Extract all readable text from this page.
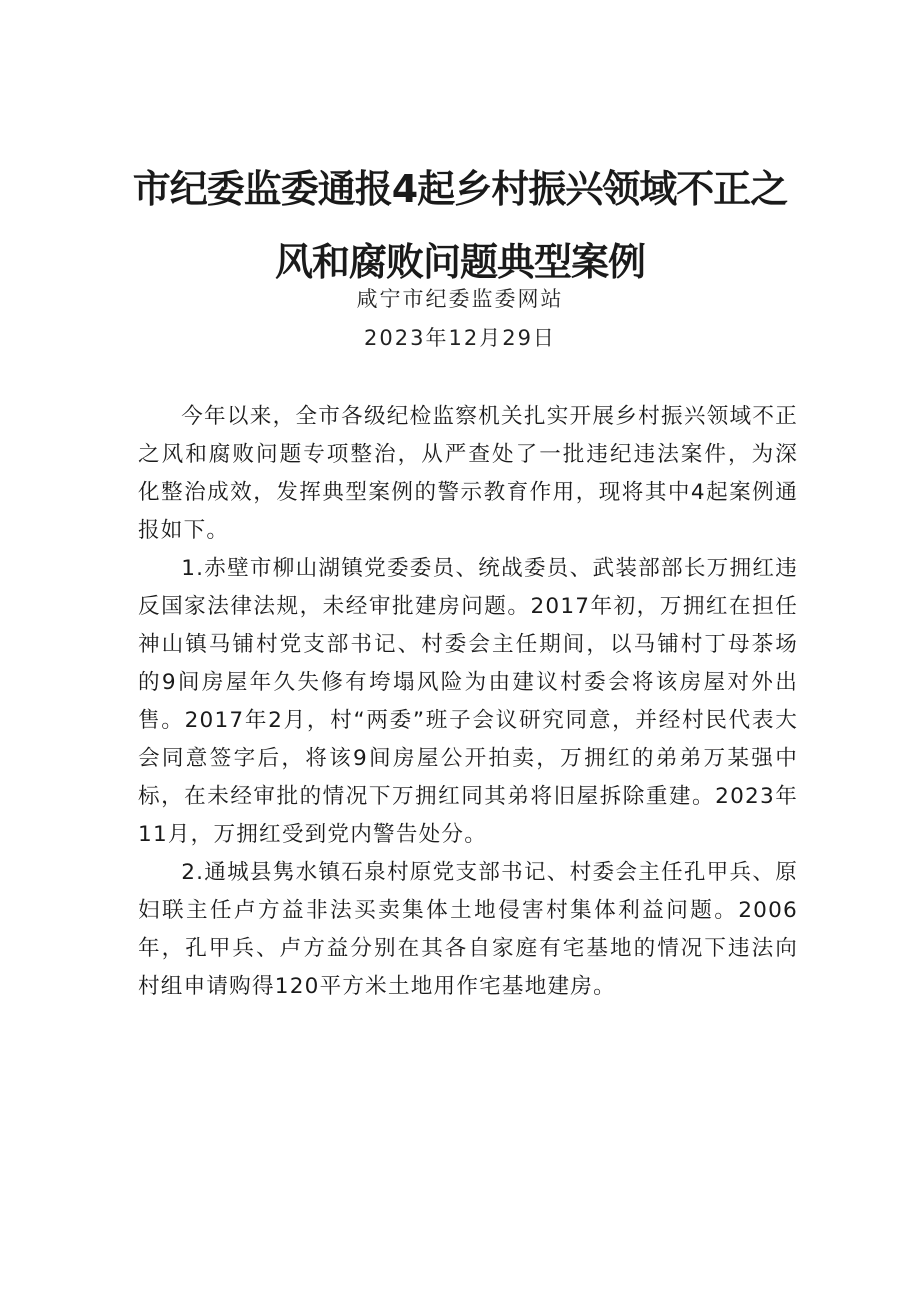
市纪委监委通报4起乡村振兴领域不正之
风和腐败问题典型案例
咸宁市纪委监委网站
2023年12月29日

今年以来，全市各级纪检监察机关扎实开展乡村振兴领域不正之风和腐败问题专项整治，从严查处了一批违纪违法案件，为深化整治成效，发挥典型案例的警示教育作用，现将其中4起案例通报如下。

1.赤壁市柳山湖镇党委委员、统战委员、武装部部长万拥红违反国家法律法规，未经审批建房问题。2017年初，万拥红在担任神山镇马铺村党支部书记、村委会主任期间，以马铺村丁母茶场的9间房屋年久失修有垮塌风险为由建议村委会将该房屋对外出售。2017年2月，村“两委”班子会议研究同意，并经村民代表大会同意签字后，将该9间房屋公开拍卖，万拥红的弟弟万某强中标，在未经审批的情况下万拥红同其弟将旧屋拆除重建。2023年11月，万拥红受到党内警告处分。

2.通城县隽水镇石泉村原党支部书记、村委会主任孔甲兵、原妇联主任卢方益非法买卖集体土地侵害村集体利益问题。2006年，孔甲兵、卢方益分别在其各自家庭有宅基地的情况下违法向村组申请购得120平方米土地用作宅基地建房。
